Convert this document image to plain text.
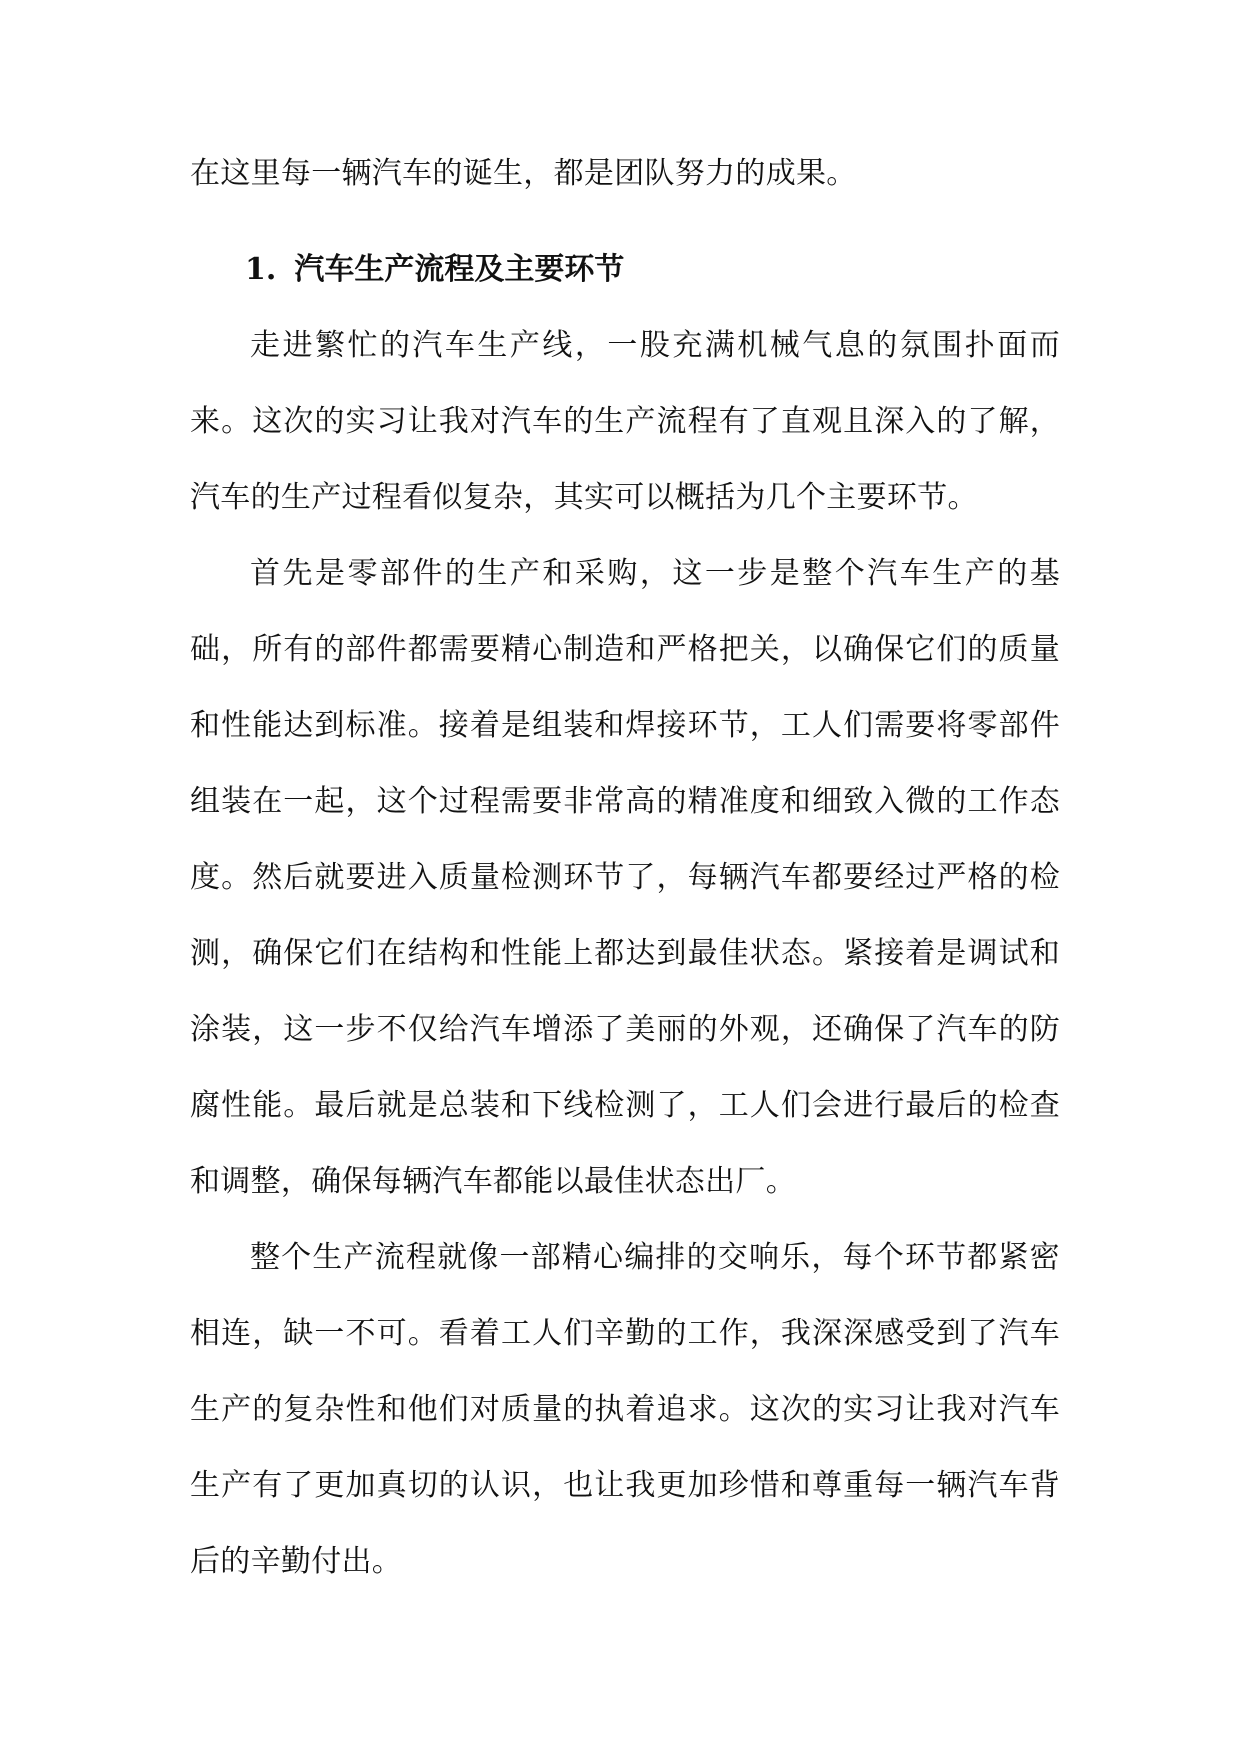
在这里每一辆汽车的诞生，都是团队努力的成果。

1. 汽车生产流程及主要环节

走进繁忙的汽车生产线，一股充满机械气息的氛围扑面而来。这次的实习让我对汽车的生产流程有了直观且深入的了解，汽车的生产过程看似复杂，其实可以概括为几个主要环节。

首先是零部件的生产和采购，这一步是整个汽车生产的基础，所有的部件都需要精心制造和严格把关，以确保它们的质量和性能达到标准。接着是组装和焊接环节，工人们需要将零部件组装在一起，这个过程需要非常高的精准度和细致入微的工作态度。然后就要进入质量检测环节了，每辆汽车都要经过严格的检测，确保它们在结构和性能上都达到最佳状态。紧接着是调试和涂装，这一步不仅给汽车增添了美丽的外观，还确保了汽车的防腐性能。最后就是总装和下线检测了，工人们会进行最后的检查和调整，确保每辆汽车都能以最佳状态出厂。

整个生产流程就像一部精心编排的交响乐，每个环节都紧密相连，缺一不可。看着工人们辛勤的工作，我深深感受到了汽车生产的复杂性和他们对质量的执着追求。这次的实习让我对汽车生产有了更加真切的认识，也让我更加珍惜和尊重每一辆汽车背后的辛勤付出。
